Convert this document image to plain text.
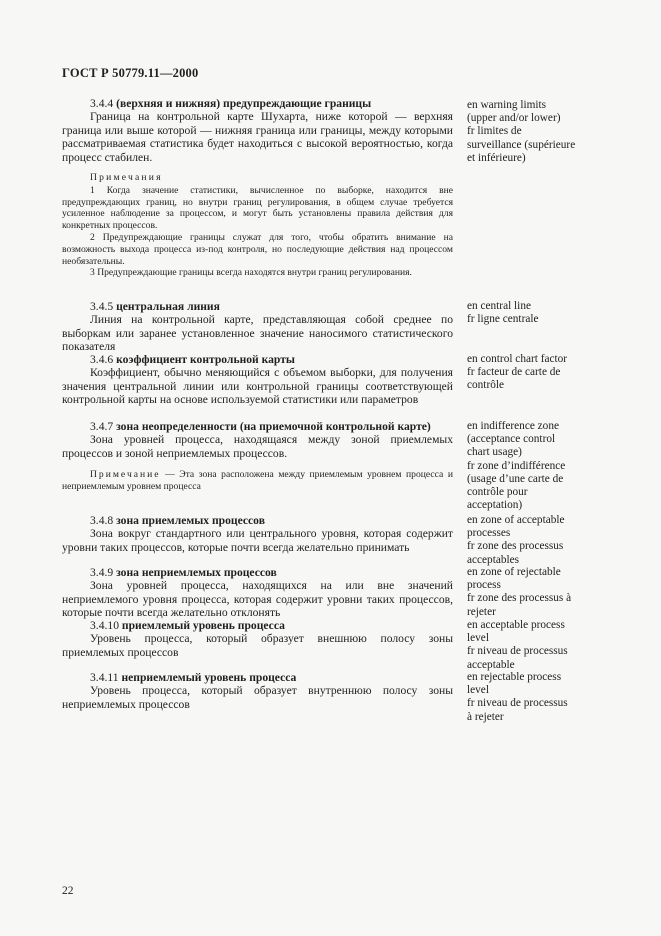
ГОСТ Р 50779.11—2000

3.4.4 (верхняя и нижняя) предупреждающие границы

Граница на контрольной карте Шухарта, ниже которой — верхняя граница или выше которой — нижняя граница или границы, между которыми рассматриваемая статистика будет находиться с высокой вероятностью, когда процесс стабилен.

Примечания

1 Когда значение статистики, вычисленное по выборке, находится вне предупреждающих границ, но внутри границ регулирования, в общем случае требуется усиленное наблюдение за процессом, и могут быть установлены правила действия для конкретных процессов.

2 Предупреждающие границы служат для того, чтобы обратить внимание на возможность выхода процесса из-под контроля, но последующие действия над процессом необязательны.

3 Предупреждающие границы всегда находятся внутри границ регулирования.

3.4.5 центральная линия

Линия на контрольной карте, представляющая собой среднее по выборкам или заранее установленное значение наносимого статистического показателя

3.4.6 коэффициент контрольной карты

Коэффициент, обычно меняющийся с объемом выборки, для получения значения центральной линии или контрольной границы соответствующей контрольной карты на основе используемой статистики или параметров

3.4.7 зона неопределенности (на приемочной контрольной карте)

Зона уровней процесса, находящаяся между зоной приемлемых процессов и зоной неприемлемых процессов.

Примечание — Эта зона расположена между приемлемым уровнем процесса и неприемлемым уровнем процесса

3.4.8 зона приемлемых процессов

Зона вокруг стандартного или центрального уровня, которая содержит уровни таких процессов, которые почти всегда желательно принимать

3.4.9 зона неприемлемых процессов

Зона уровней процесса, находящихся на или вне значений неприемлемого уровня процесса, которая содержит уровни таких процессов, которые почти всегда желательно отклонять

3.4.10 приемлемый уровень процесса

Уровень процесса, который образует внешнюю полосу зоны приемлемых процессов

3.4.11 неприемлемый уровень процесса

Уровень процесса, который образует внутреннюю полосу зоны неприемлемых процессов

en warning limits

(upper and/or lower)

fr limites de

surveillance (supérieure

et inférieure)

en central line

fr ligne centrale

en control chart factor

fr facteur de carte de

contrôle

en indifference zone

(acceptance control

chart usage)

fr zone d’indifférence

(usage d’une carte de

contrôle pour

acceptation)

en zone of acceptable

processes

fr zone des processus

acceptables

en zone of rejectable

process

fr zone des processus à

rejeter

en acceptable process

level

fr niveau de processus

acceptable

en rejectable process

level

fr niveau de processus

à rejeter

22
